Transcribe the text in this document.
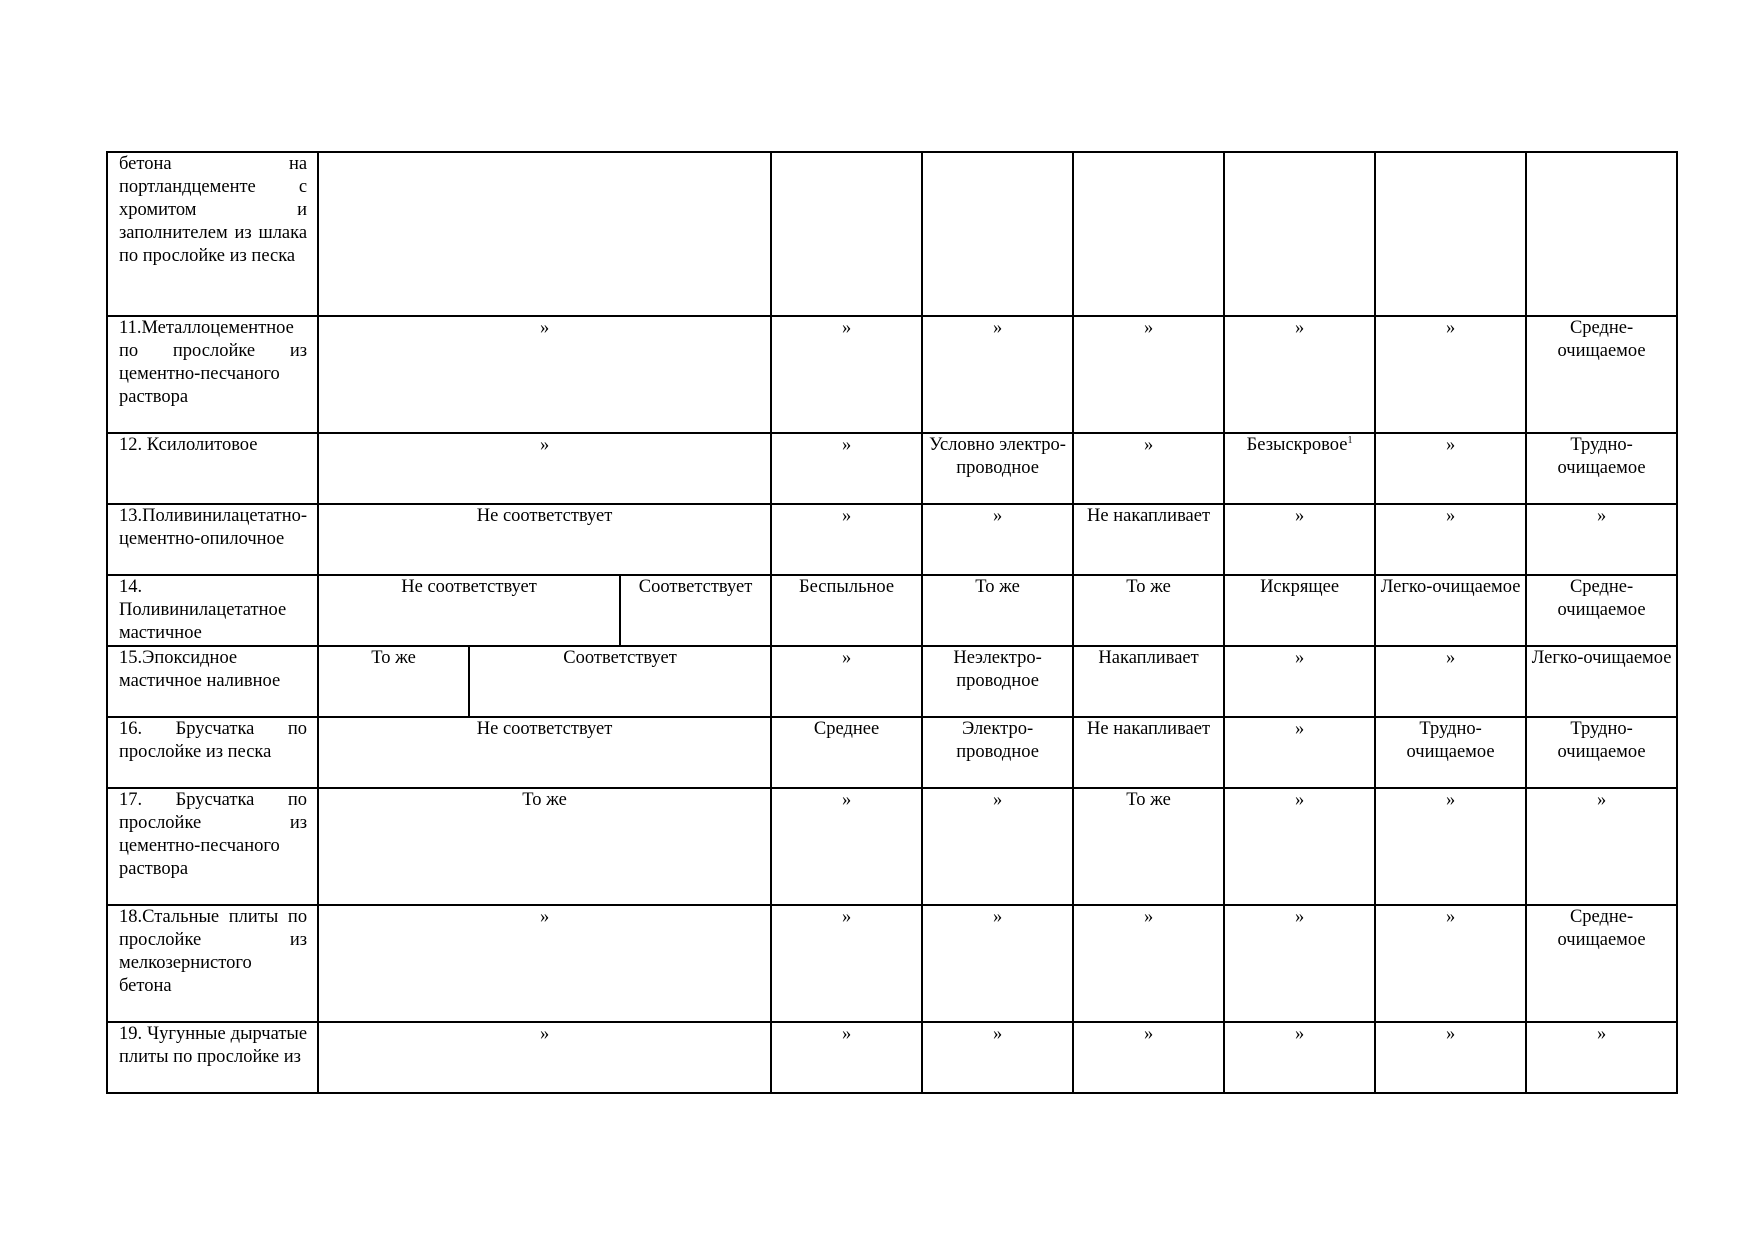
бетона на портландцементе с хромитом и заполнителем из шлака по прослойке из песка									
11.Металлоцементное по прослойке из цементно-песчаного раствора	»			»	»	»	»	»	Средне-очищаемое
12. Ксилолитовое	»			»	Условно электро-проводное	»	Безыскровое$^1$	»	Трудно-очищаемое
13.Поливинилацетатно-цементно-опилочное	Не соответствует			»	»	Не накапливает	»	»	»
14. Поливинилацетатное мастичное	Не соответствует		Соответствует	Беспыльное	То же	То же	Искрящее	Легко-очищаемое	Средне-очищаемое
15.Эпоксидное мастичное наливное	То же	Соответствует		»	Неэлектро-проводное	Накапливает	»	»	Легко-очищаемое
16. Брусчатка по прослойке из песка	Не соответствует			Среднее	Электро-проводное	Не накапливает	»	Трудно-очищаемое	Трудно-очищаемое
17. Брусчатка по прослойке из цементно-песчаного раствора	То же			»	»	То же	»	»	»
18.Стальные плиты по прослойке из мелкозернистого бетона	»			»	»	»	»	»	Средне-очищаемое
19. Чугунные дырчатые плиты по прослойке из	»			»	»	»	»	»	»
